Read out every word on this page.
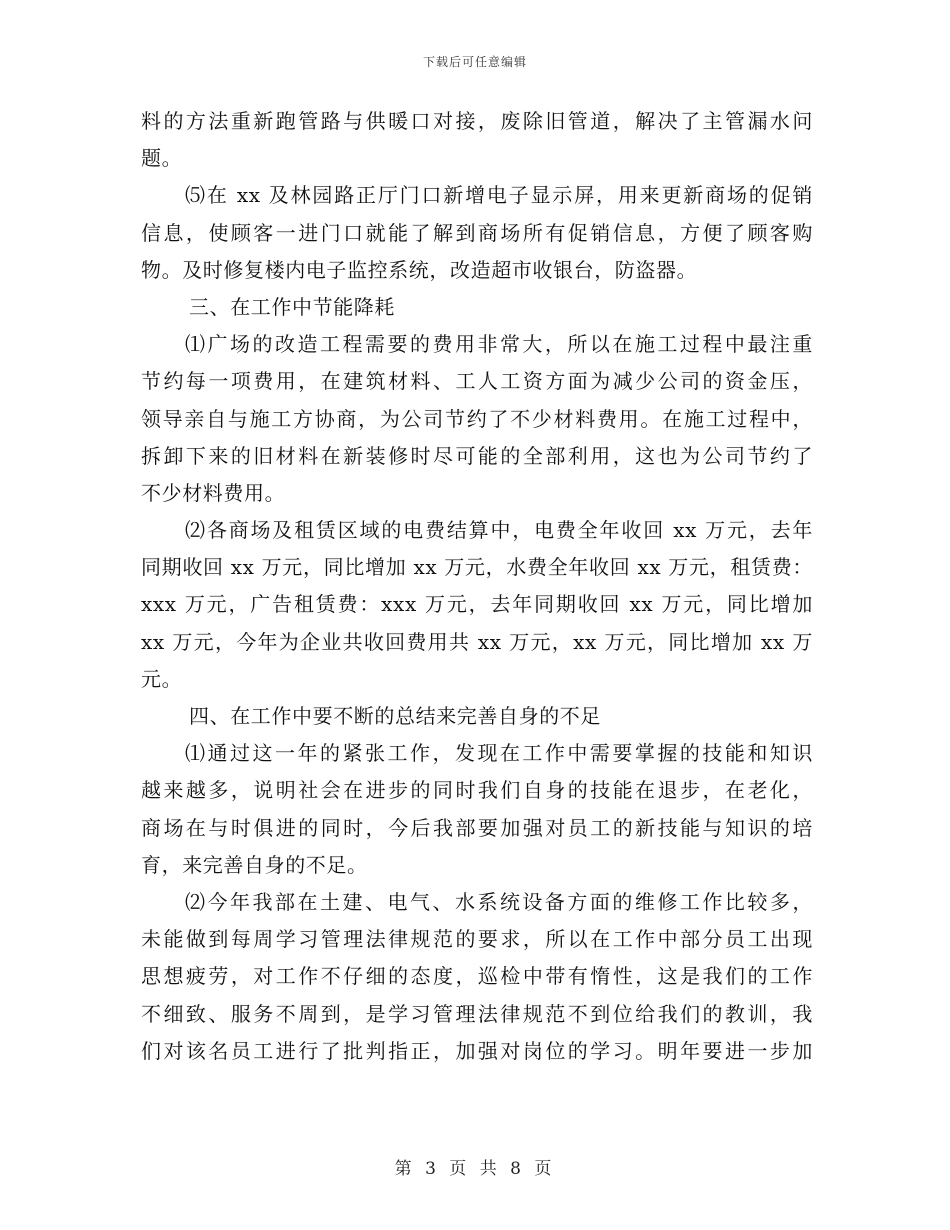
下载后可任意编辑
料的方法重新跑管路与供暖口对接，废除旧管道，解决了主管漏水问
题。
⑸在 xx 及林园路正厅门口新增电子显示屏，用来更新商场的促销
信息，使顾客一进门口就能了解到商场所有促销信息，方便了顾客购
物。及时修复楼内电子监控系统，改造超市收银台，防盗器。
三、在工作中节能降耗
⑴广场的改造工程需要的费用非常大，所以在施工过程中最注重
节约每一项费用，在建筑材料、工人工资方面为减少公司的资金压，
领导亲自与施工方协商，为公司节约了不少材料费用。在施工过程中，
拆卸下来的旧材料在新装修时尽可能的全部利用，这也为公司节约了
不少材料费用。
⑵各商场及租赁区域的电费结算中，电费全年收回 xx 万元，去年
同期收回 xx 万元，同比增加 xx 万元，水费全年收回 xx 万元，租赁费：
xxx 万元，广告租赁费：xxx 万元，去年同期收回 xx 万元，同比增加
xx 万元，今年为企业共收回费用共 xx 万元，xx 万元，同比增加 xx 万
元。
四、在工作中要不断的总结来完善自身的不足
⑴通过这一年的紧张工作，发现在工作中需要掌握的技能和知识
越来越多，说明社会在进步的同时我们自身的技能在退步，在老化，
商场在与时俱进的同时，今后我部要加强对员工的新技能与知识的培
育，来完善自身的不足。
⑵今年我部在土建、电气、水系统设备方面的维修工作比较多，
未能做到每周学习管理法律规范的要求，所以在工作中部分员工出现
思想疲劳，对工作不仔细的态度，巡检中带有惰性，这是我们的工作
不细致、服务不周到，是学习管理法律规范不到位给我们的教训，我
们对该名员工进行了批判指正，加强对岗位的学习。明年要进一步加
第 3 页 共 8 页
